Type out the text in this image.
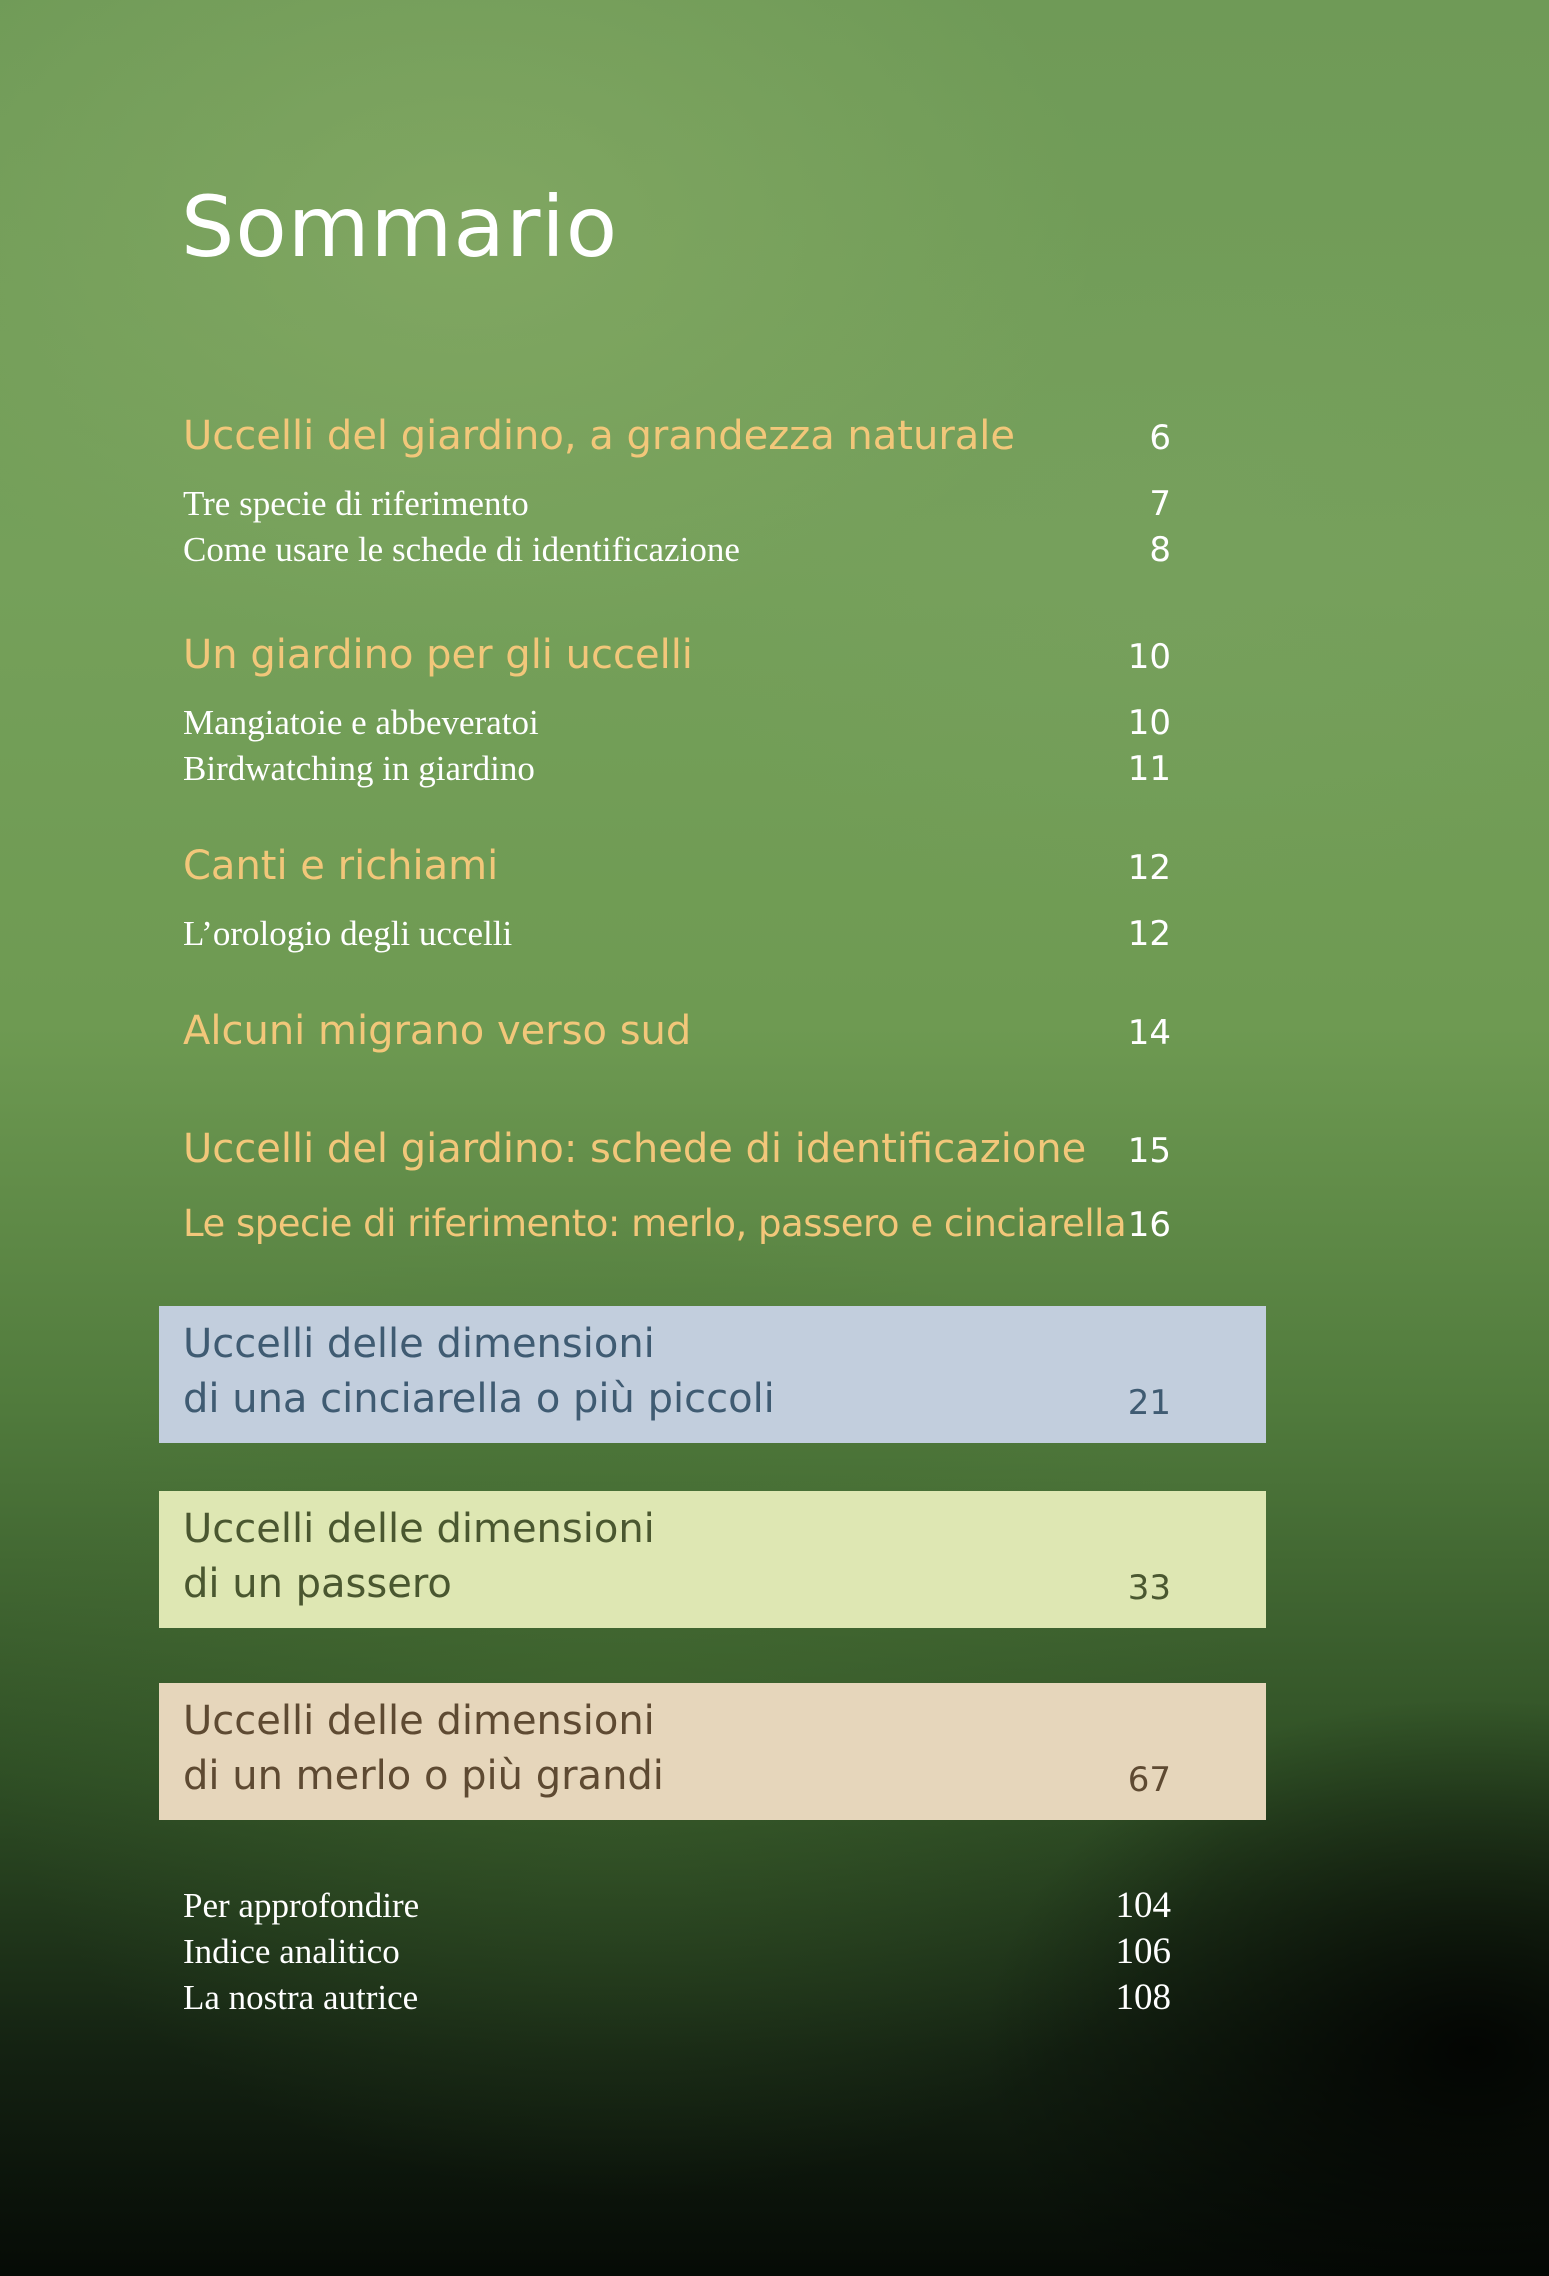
Sommario
Uccelli del giardino, a grandezza naturale	6
Tre specie di riferimento	7
Come usare le schede di identificazione	8
Un giardino per gli uccelli	10
Mangiatoie e abbeveratoi	10
Birdwatching in giardino	11
Canti e richiami	12
L’orologio degli uccelli	12
Alcuni migrano verso sud	14
Uccelli del giardino: schede di identificazione 15
Le specie di riferimento: merlo, passero e cinciarella 16
Uccelli delle dimensioni
di una cinciarella o più piccoli	21
Uccelli delle dimensioni
di un passero	33
Uccelli delle dimensioni
di un merlo o più grandi	67
Per approfondire	104
Indice analitico	106
La nostra autrice	108
